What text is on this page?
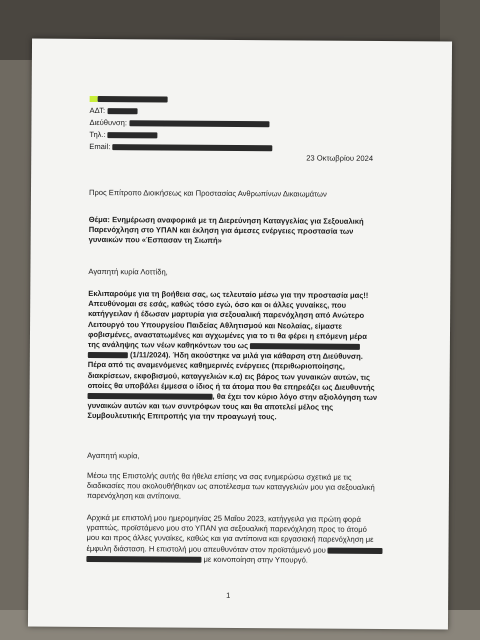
ΑΔΤ:
Διεύθυνση:
Τηλ.:
Email:
23 Οκτωβρίου 2024
Προς Επίτροπο Διοικήσεως και Προστασίας Ανθρωπίνων Δικαιωμάτων
Θέμα: Ενημέρωση αναφορικά με τη Διερεύνηση Καταγγελίας για Σεξουαλική
Παρενόχληση στο ΥΠΑΝ και έκληση για άμεσες ενέργειες προστασία των
γυναικών που «Έσπασαν τη Σιωπή»
Αγαπητή κυρία Λοττίδη,
Εκλιπαρούμε για τη βοήθεια σας, ως τελευταίο μέσω για την προστασία μας!!
Απευθύνομαι σε εσάς, καθώς τόσο εγώ, όσο και οι άλλες γυναίκες, που
κατήγγειλαν ή έδωσαν μαρτυρία για σεξουαλική παρενόχληση από Ανώτερο
Λειτουργό του Υπουργείου Παιδείας Αθλητισμού και Νεολαίας, είμαστε
φοβισμένες, αναστατωμένες και αγχωμένες για το τι θα φέρει η επόμενη μέρα
της ανάληψης των νέων καθηκόντων του ως
(1/11/2024). Ήδη ακούστηκε να μιλά για κάθαρση στη Διεύθυνση.
Πέρα από τις αναμενόμενες καθημερινές ενέργειες (περιθωριοποίησης,
διακρίσεων, εκφοβισμού, καταγγελιών κ.α) εις βάρος των γυναικών αυτών, τις
οποίες θα υποβάλει έμμεσα ο ίδιος ή τα άτομα που θα επηρεάζει ως Διευθυντής
, θα έχει τον κύριο λόγο στην αξιολόγηση των
γυναικών αυτών και των συντρόφων τους και θα αποτελεί μέλος της
Συμβουλευτικής Επιτροπής για την προαγωγή τους.
Αγαπητή κυρία,
Μέσω της Επιστολής αυτής θα ήθελα επίσης να σας ενημερώσω σχετικά με τις
διαδικασίες που ακολουθήθηκαν ως αποτέλεσμα των καταγγελιών μου για σεξουαλική
παρενόχληση και αντίποινα.
Αρχικά με επιστολή μου ημερομηνίας 25 Μαΐου 2023, κατήγγειλα για πρώτη φορά
γραπτώς, προϊστάμενο μου στο ΥΠΑΝ για σεξουαλική παρενόχληση προς το άτομό
μου και προς άλλες γυναίκες, καθώς και για αντίποινα και εργασιακή παρενόχληση με
έμφυλη διάσταση. Η επιστολή μου απευθυνόταν στον προϊστάμενό μου
με κοινοποίηση στην Υπουργό.
1
